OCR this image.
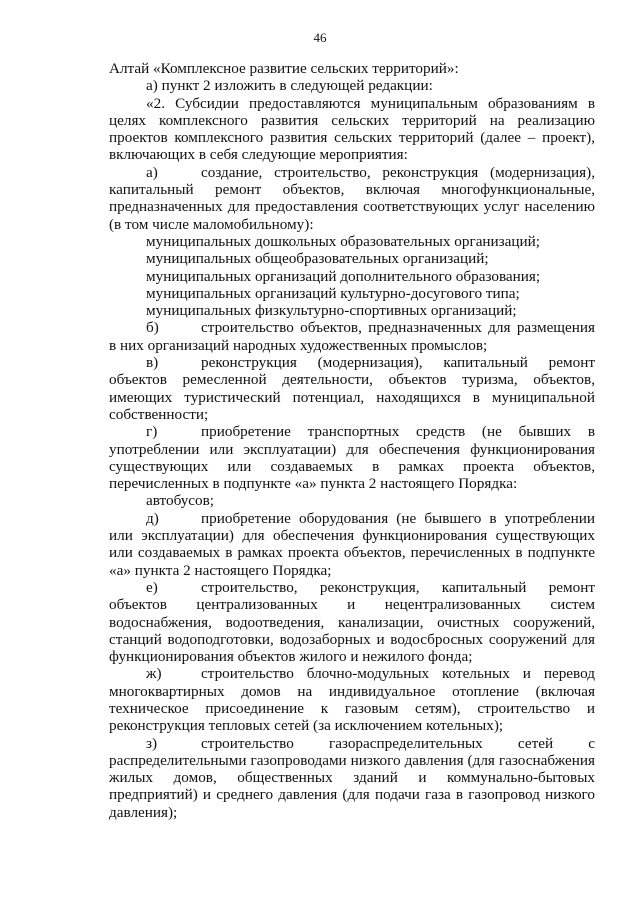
46

Алтай «Комплексное развитие сельских территорий»:

а) пункт 2 изложить в следующей редакции:

«2. Субсидии предоставляются муниципальным образованиям в целях комплексного развития сельских территорий на реализацию проектов комплексного развития сельских территорий (далее – проект), включающих в себя следующие мероприятия:

а)	создание, строительство, реконструкция (модернизация), капитальный ремонт объектов, включая многофункциональные, предназначенных для предоставления соответствующих услуг населению (в том числе маломобильному):

муниципальных дошкольных образовательных организаций;

муниципальных общеобразовательных организаций;

муниципальных организаций дополнительного образования;

муниципальных организаций культурно-досугового типа;

муниципальных физкультурно-спортивных организаций;

б)	строительство объектов, предназначенных для размещения в них организаций народных художественных промыслов;

в)	реконструкция (модернизация), капитальный ремонт объектов ремесленной деятельности, объектов туризма, объектов, имеющих туристический потенциал, находящихся в муниципальной собственности;

г)	приобретение транспортных средств (не бывших в употреблении или эксплуатации) для обеспечения функционирования существующих или создаваемых в рамках проекта объектов, перечисленных в подпункте «а» пункта 2 настоящего Порядка:

автобусов;

д)	приобретение оборудования (не бывшего в употреблении или эксплуатации) для обеспечения функционирования существующих или создаваемых в рамках проекта объектов, перечисленных в подпункте «а» пункта 2 настоящего Порядка;

е)	строительство, реконструкция, капитальный ремонт объектов централизованных и нецентрализованных систем водоснабжения, водоотведения, канализации, очистных сооружений, станций водоподготовки, водозаборных и водосбросных сооружений для функционирования объектов жилого и нежилого фонда;

ж)	строительство блочно-модульных котельных и перевод многоквартирных домов на индивидуальное отопление (включая техническое присоединение к газовым сетям), строительство и реконструкция тепловых сетей (за исключением котельных);

з)	строительство газораспределительных сетей с распределительными газопроводами низкого давления (для газоснабжения жилых домов, общественных зданий и коммунально-бытовых предприятий) и среднего давления (для подачи газа в газопровод низкого давления);
